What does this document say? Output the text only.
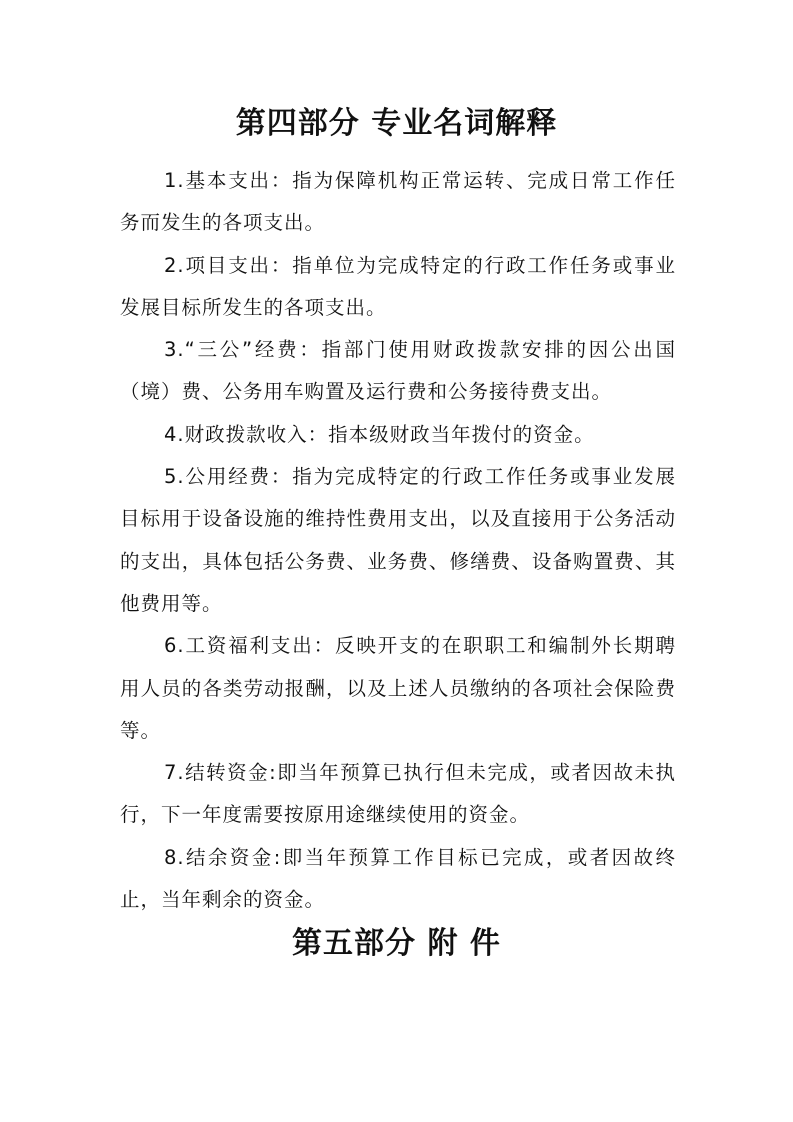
第四部分 专业名词解释

1.基本支出：指为保障机构正常运转、完成日常工作任务而发生的各项支出。

2.项目支出：指单位为完成特定的行政工作任务或事业发展目标所发生的各项支出。

3.“三公”经费：指部门使用财政拨款安排的因公出国（境）费、公务用车购置及运行费和公务接待费支出。

4.财政拨款收入：指本级财政当年拨付的资金。

5.公用经费：指为完成特定的行政工作任务或事业发展目标用于设备设施的维持性费用支出，以及直接用于公务活动的支出，具体包括公务费、业务费、修缮费、设备购置费、其他费用等。

6.工资福利支出：反映开支的在职职工和编制外长期聘用人员的各类劳动报酬，以及上述人员缴纳的各项社会保险费等。

7.结转资金:即当年预算已执行但未完成，或者因故未执行，下一年度需要按原用途继续使用的资金。

8.结余资金:即当年预算工作目标已完成，或者因故终止，当年剩余的资金。

第五部分 附 件
